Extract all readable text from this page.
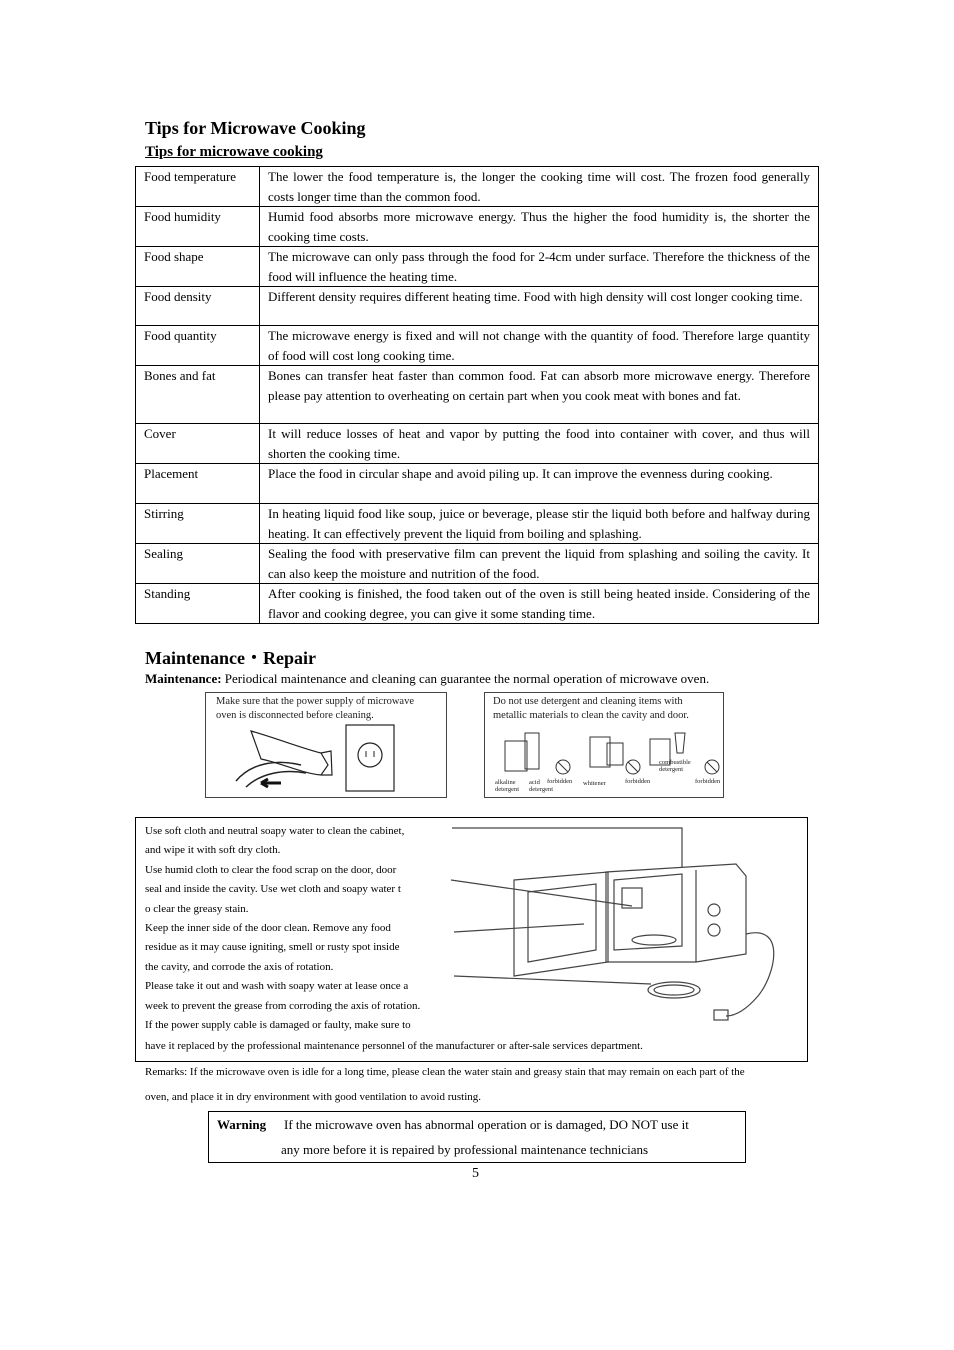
Tips for Microwave Cooking
Tips for microwave cooking
Food temperature	The lower the food temperature is, the longer the cooking time will cost. The frozen food generally costs longer time than the common food.
Food humidity	Humid food absorbs more microwave energy. Thus the higher the food humidity is, the shorter the cooking time costs.
Food shape	The microwave can only pass through the food for 2-4cm under surface. Therefore the thickness of the food will influence the heating time.
Food density	Different density requires different heating time. Food with high density will cost longer cooking time.
Food quantity	The microwave energy is fixed and will not change with the quantity of food. Therefore large quantity of food will cost long cooking time.
Bones and fat	Bones can transfer heat faster than common food. Fat can absorb more microwave energy. Therefore please pay attention to overheating on certain part when you cook meat with bones and fat.
Cover	It will reduce losses of heat and vapor by putting the food into container with cover, and thus will shorten the cooking time.
Placement	Place the food in circular shape and avoid piling up. It can improve the evenness during cooking.
Stirring	In heating liquid food like soup, juice or beverage, please stir the liquid both before and halfway during heating. It can effectively prevent the liquid from boiling and splashing.
Sealing	Sealing the food with preservative film can prevent the liquid from splashing and soiling the cavity. It can also keep the moisture and nutrition of the food.
Standing	After cooking is finished, the food taken out of the oven is still being heated inside. Considering of the flavor and cooking degree, you can give it some standing time.
Maintenance・Repair
Maintenance: Periodical maintenance and cleaning can guarantee the normal operation of microwave oven.
Make sure that the power supply of microwave
oven is disconnected before cleaning.
Do not use detergent and cleaning items with
metallic materials to clean the cavity and door.
alkaline
detergent
acid
detergent
forbidden whitener	forbidden
combustible
detergent
forbidden
Use soft cloth and neutral soapy water to clean the cabinet,
and wipe it with soft dry cloth.
Use humid cloth to clear the food scrap on the door, door
seal and inside the cavity. Use wet cloth and soapy water t
o clear the greasy stain.
Keep the inner side of the door clean. Remove any food
residue as it may cause igniting, smell or rusty spot inside
the cavity, and corrode the axis of rotation.
Please take it out and wash with soapy water at lease once a
week to prevent the grease from corroding the axis of rotation.
If the power supply cable is damaged or faulty, make sure to
have it replaced by the professional maintenance personnel of the manufacturer or after-sale services department.
Remarks: If the microwave oven is idle for a long time, please clean the water stain and greasy stain that may remain on each part of the
oven, and place it in dry environment with good ventilation to avoid rusting.
Warning If the microwave oven has abnormal operation or is damaged, DO NOT use it
any more before it is repaired by professional maintenance technicians
5
